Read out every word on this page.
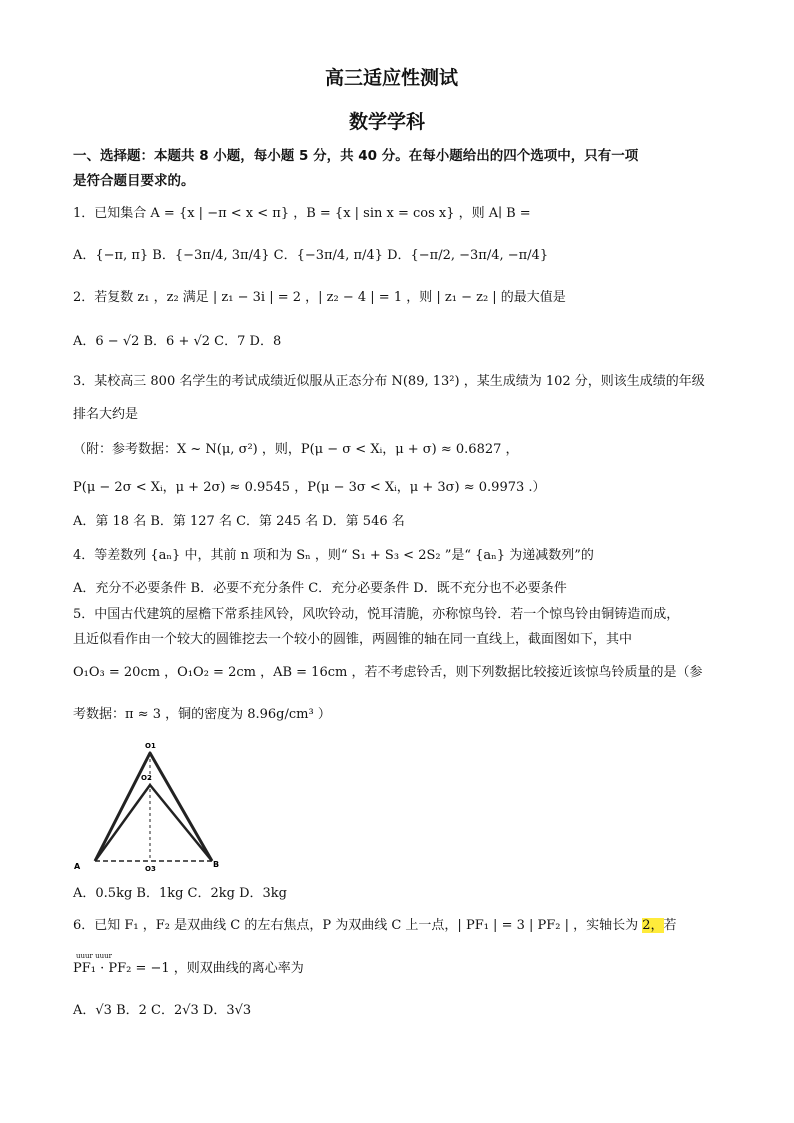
高三适应性测试
数学学科
一、选择题：本题共 8 小题，每小题 5 分，共 40 分。在每小题给出的四个选项中，只有一项
是符合题目要求的。
1．已知集合 A = {x | −π < x < π} ，B = {x | sin x = cos x} ，则 A∣ B =
A．{−π, π} B．{−3π/4, 3π/4} C．{−3π/4, π/4} D．{−π/2, −3π/4, −π/4}
2．若复数 z₁ ，z₂ 满足 | z₁ − 3i | = 2 ，| z₂ − 4 | = 1 ，则 | z₁ − z₂ | 的最大值是
A．6 − √2 B．6 + √2 C．7 D．8
3．某校高三 800 名学生的考试成绩近似服从正态分布 N(89, 13²) ，某生成绩为 102 分，则该生成绩的年级
排名大约是
（附：参考数据：X ~ N(μ, σ²) ，则，P(μ − σ < Xᵢ，μ + σ) ≈ 0.6827 ，
P(μ − 2σ < Xᵢ，μ + 2σ) ≈ 0.9545 ，P(μ − 3σ < Xᵢ，μ + 3σ) ≈ 0.9973 .）
A．第 18 名 B．第 127 名 C．第 245 名 D．第 546 名
4．等差数列 {aₙ} 中，其前 n 项和为 Sₙ ，则“ S₁ + S₃ < 2S₂ ”是“ {aₙ} 为递减数列”的
A．充分不必要条件 B．必要不充分条件 C．充分必要条件 D．既不充分也不必要条件
5．中国古代建筑的屋檐下常系挂风铃，风吹铃动，悦耳清脆，亦称惊鸟铃．若一个惊鸟铃由铜铸造而成，
且近似看作由一个较大的圆锥挖去一个较小的圆锥，两圆锥的轴在同一直线上，截面图如下，其中
O₁O₃ = 20cm ，O₁O₂ = 2cm ，AB = 16cm ，若不考虑铃舌，则下列数据比较接近该惊鸟铃质量的是（参
考数据：π ≈ 3 ，铜的密度为 8.96g/cm³ ）
O1
O2
O3
A	B
A．0.5kg B．1kg C．2kg D．3kg
6．已知 F₁ ，F₂ 是双曲线 C 的左右焦点，P 为双曲线 C 上一点，| PF₁ | = 3 | PF₂ | ，实轴长为 2，若
uuur uuur
PF₁ · PF₂ = −1 ，则双曲线的离心率为
A．√3 B．2 C．2√3 D．3√3
